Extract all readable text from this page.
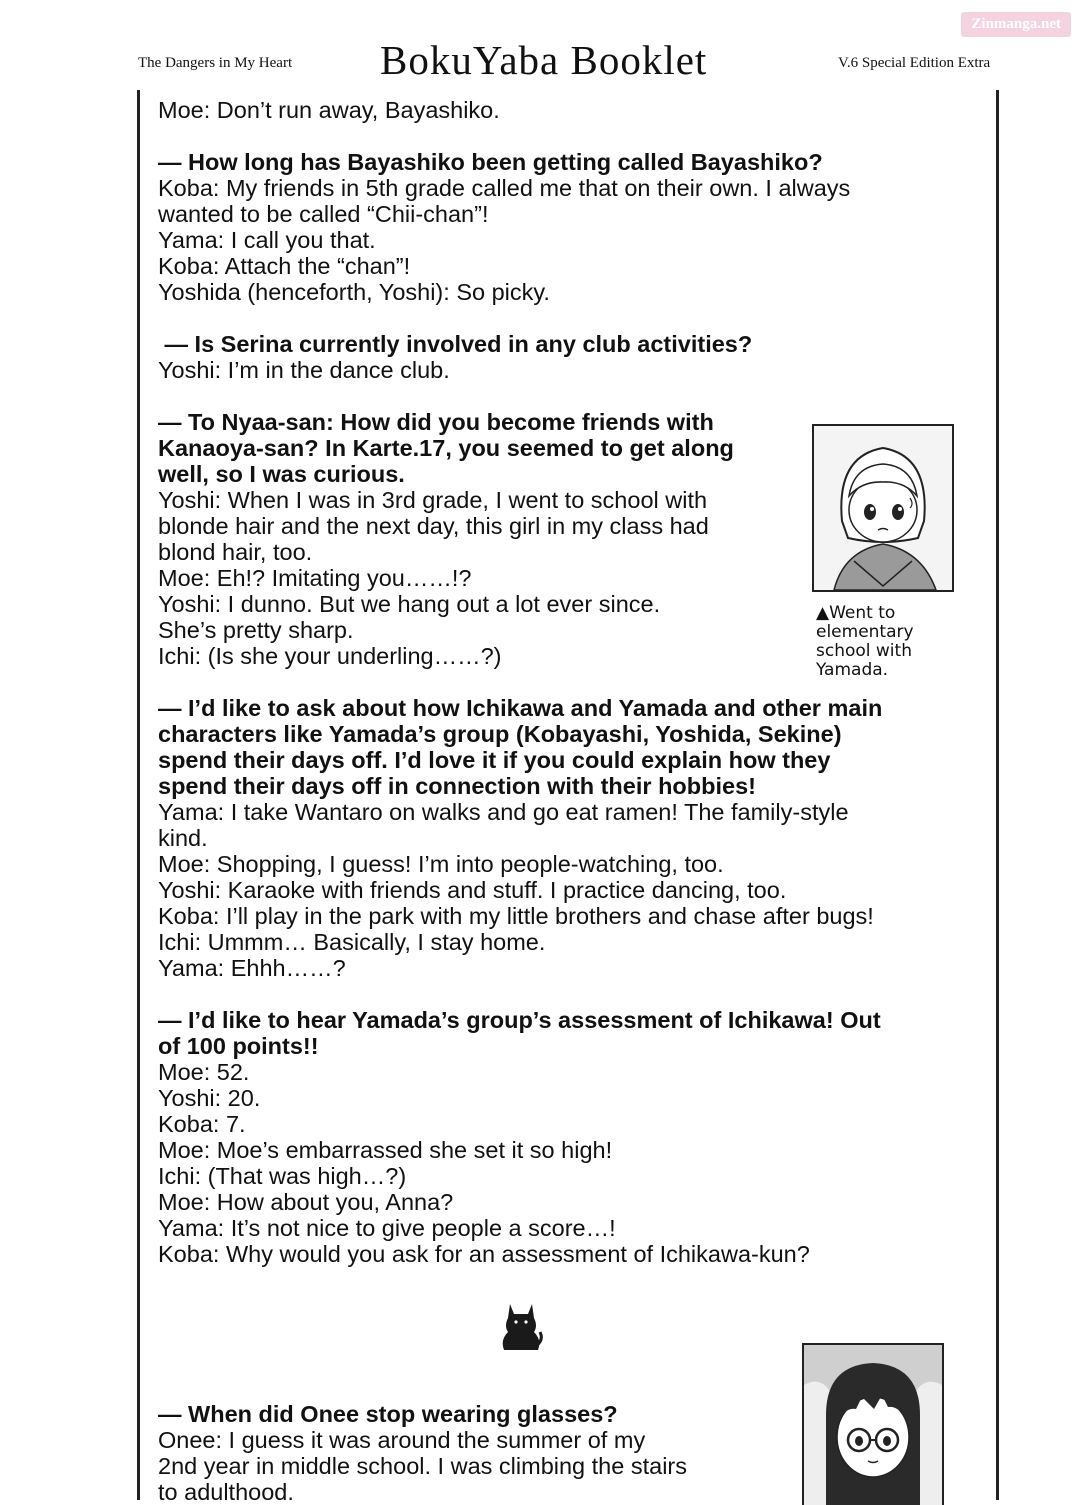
Zinmanga.net
The Dangers in My Heart BokuYaba Booklet	V.6 Special Edition Extra
Moe: Don’t run away, Bayashiko.
— How long has Bayashiko been getting called Bayashiko?
Koba: My friends in 5th grade called me that on their own. I always
wanted to be called “Chii-chan”!
Yama: I call you that.
Koba: Attach the “chan”!
Yoshida (henceforth, Yoshi): So picky.
— Is Serina currently involved in any club activities?
Yoshi: I’m in the dance club.
— To Nyaa-san: How did you become friends with
Kanaoya-san? In Karte.17, you seemed to get along
well, so I was curious.
Yoshi: When I was in 3rd grade, I went to school with
blonde hair and the next day, this girl in my class had
blond hair, too.
Moe: Eh!? Imitating you……!?
Yoshi: I dunno. But we hang out a lot ever since.
She’s pretty sharp.
Ichi: (Is she your underling……?)
— I’d like to ask about how Ichikawa and Yamada and other main
characters like Yamada’s group (Kobayashi, Yoshida, Sekine)
spend their days off. I’d love it if you could explain how they
spend their days off in connection with their hobbies!
Yama: I take Wantaro on walks and go eat ramen! The family-style
kind.
Moe: Shopping, I guess! I’m into people-watching, too.
Yoshi: Karaoke with friends and stuff. I practice dancing, too.
Koba: I’ll play in the park with my little brothers and chase after bugs!
Ichi: Ummm… Basically, I stay home.
Yama: Ehhh……?
— I’d like to hear Yamada’s group’s assessment of Ichikawa! Out
of 100 points!!
Moe: 52.
Yoshi: 20.
Koba: 7.
Moe: Moe’s embarrassed she set it so high!
Ichi: (That was high…?)
Moe: How about you, Anna?
Yama: It’s not nice to give people a score…!
Koba: Why would you ask for an assessment of Ichikawa-kun?
▲Went to
elementary
school with
Yamada.
— When did Onee stop wearing glasses?
Onee: I guess it was around the summer of my
2nd year in middle school. I was climbing the stairs
to adulthood.
